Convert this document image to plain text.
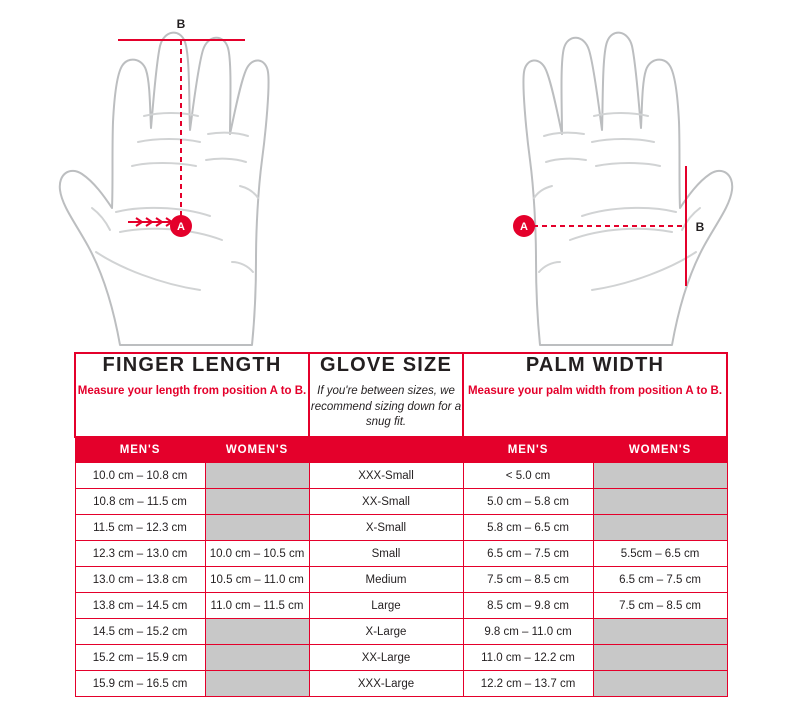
B
A	B
A
FINGER LENGTH
Measure your length from position A to B.

GLOVE SIZE
If you're between sizes, we recommend sizing down for a snug fit.

PALM WIDTH
Measure your palm width from position A to B.

MEN'S	WOMEN'S		MEN'S	WOMEN'S
10.0 cm – 10.8 cm		XXX-Small	< 5.0 cm	
10.8 cm – 11.5 cm		XX-Small	5.0 cm – 5.8 cm	
11.5 cm – 12.3 cm		X-Small	5.8 cm – 6.5 cm	
12.3 cm – 13.0 cm	10.0 cm – 10.5 cm	Small	6.5 cm – 7.5 cm	5.5cm – 6.5 cm
13.0 cm – 13.8 cm	10.5 cm – 11.0 cm	Medium	7.5 cm – 8.5 cm	6.5 cm – 7.5 cm
13.8 cm – 14.5 cm	11.0 cm – 11.5 cm	Large	8.5 cm – 9.8 cm	7.5 cm – 8.5 cm
14.5 cm – 15.2 cm		X-Large	9.8 cm – 11.0 cm	
15.2 cm – 15.9 cm		XX-Large	11.0 cm – 12.2 cm	
15.9 cm – 16.5 cm		XXX-Large	12.2 cm – 13.7 cm	
